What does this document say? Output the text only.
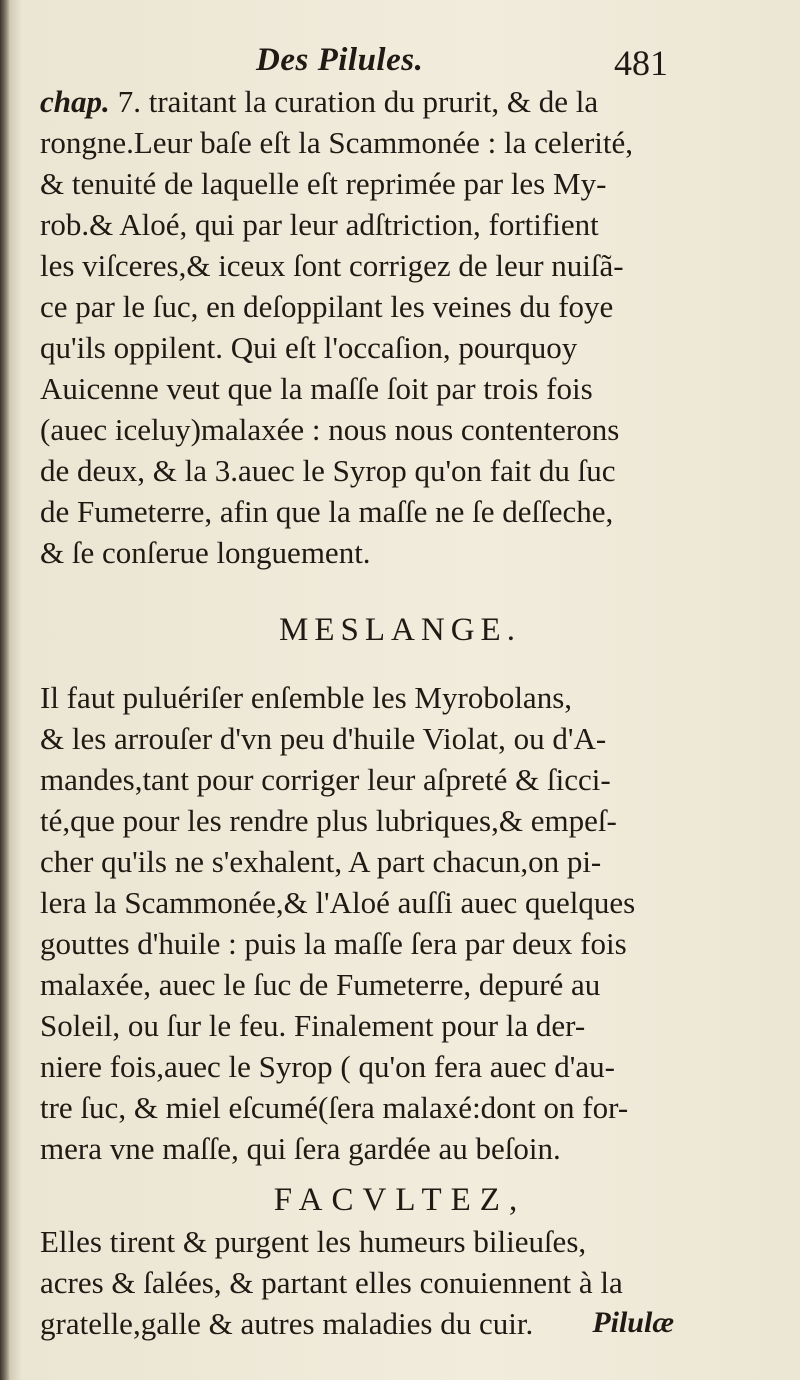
Des Pilules.	481
chap. 7. traitant la curation du prurit, & de la
rongne.Leur baſe eſt la Scammonée : la celerité,
& tenuité de laquelle eſt reprimée par les My-
rob.& Aloé, qui par leur adſtriction, fortifient
les viſceres,& iceux ſont corrigez de leur nuiſã-
ce par le ſuc, en deſoppilant les veines du foye
qu'ils oppilent. Qui eſt l'occaſion, pourquoy
Auicenne veut que la maſſe ſoit par trois fois
(auec iceluy)malaxée : nous nous contenterons
de deux, & la 3.auec le Syrop qu'on fait du ſuc
de Fumeterre, afin que la maſſe ne ſe deſſeche,
& ſe conſerue longuement.
MESLANGE.
Il faut puluériſer enſemble les Myrobolans,
& les arrouſer d'vn peu d'huile Violat, ou d'A-
mandes,tant pour corriger leur aſpreté & ſicci-
té,que pour les rendre plus lubriques,& empeſ-
cher qu'ils ne s'exhalent, A part chacun,on pi-
lera la Scammonée,& l'Aloé auſſi auec quelques
gouttes d'huile : puis la maſſe ſera par deux fois
malaxée, auec le ſuc de Fumeterre, depuré au
Soleil, ou ſur le feu. Finalement pour la der-
niere fois,auec le Syrop ( qu'on fera auec d'au-
tre ſuc, & miel eſcumé(ſera malaxé:dont on for-
mera vne maſſe, qui ſera gardée au beſoin.
FACVLTEZ,
Elles tirent & purgent les humeurs bilieuſes,
acres & ſalées, & partant elles conuiennent à la
gratelle,galle & autres maladies du cuir.	Pilulæ
